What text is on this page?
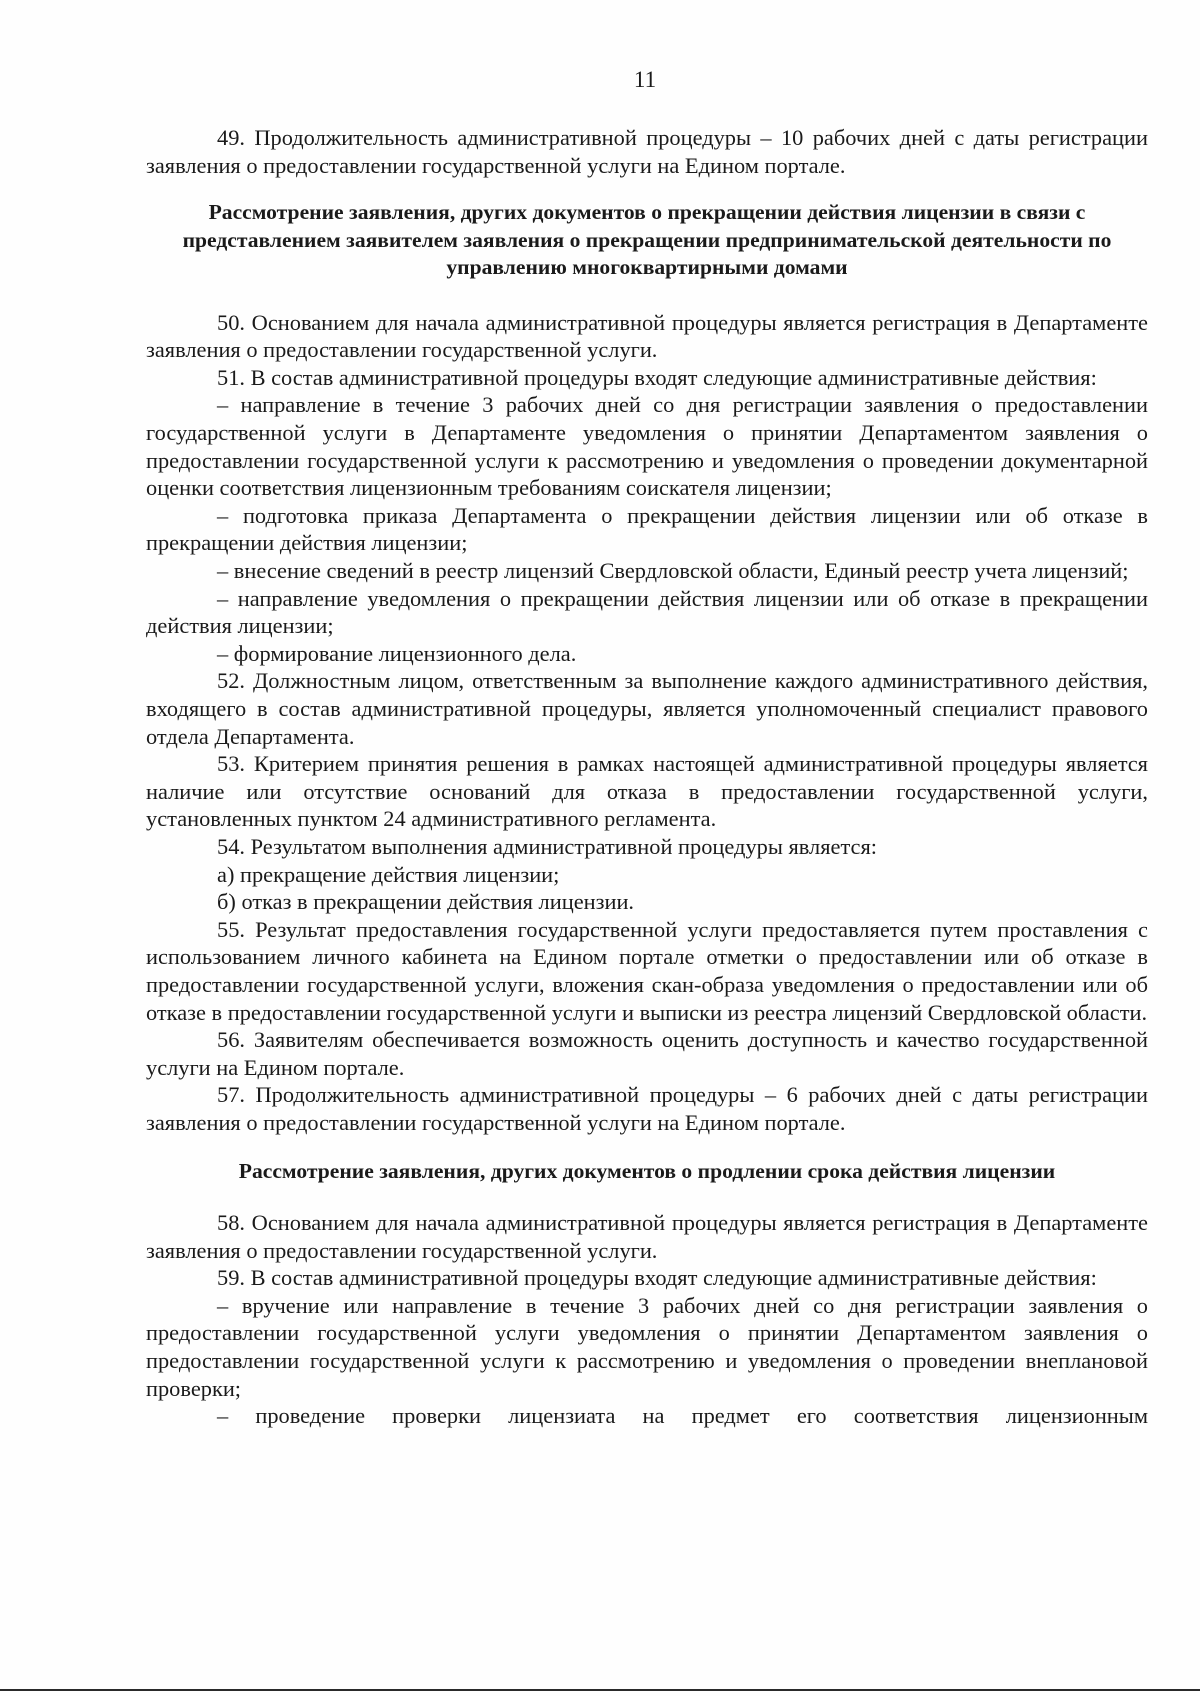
11

49. Продолжительность административной процедуры – 10 рабочих дней с даты регистрации заявления о предоставлении государственной услуги на Едином портале.

Рассмотрение заявления, других документов о прекращении действия лицензии в связи с представлением заявителем заявления о прекращении предпринимательской деятельности по управлению многоквартирными домами

50. Основанием для начала административной процедуры является регистрация в Департаменте заявления о предоставлении государственной услуги.

51. В состав административной процедуры входят следующие административные действия:

– направление в течение 3 рабочих дней со дня регистрации заявления о предоставлении государственной услуги в Департаменте уведомления о принятии Департаментом заявления о предоставлении государственной услуги к рассмотрению и уведомления о проведении документарной оценки соответствия лицензионным требованиям соискателя лицензии;

– подготовка приказа Департамента о прекращении действия лицензии или об отказе в прекращении действия лицензии;

– внесение сведений в реестр лицензий Свердловской области, Единый реестр учета лицензий;

– направление уведомления о прекращении действия лицензии или об отказе в прекращении действия лицензии;

– формирование лицензионного дела.

52. Должностным лицом, ответственным за выполнение каждого административного действия, входящего в состав административной процедуры, является уполномоченный специалист правового отдела Департамента.

53. Критерием принятия решения в рамках настоящей административной процедуры является наличие или отсутствие оснований для отказа в предоставлении государственной услуги, установленных пунктом 24 административного регламента.

54. Результатом выполнения административной процедуры является:

а) прекращение действия лицензии;

б) отказ в прекращении действия лицензии.

55. Результат предоставления государственной услуги предоставляется путем проставления с использованием личного кабинета на Едином портале отметки о предоставлении или об отказе в предоставлении государственной услуги, вложения скан-образа уведомления о предоставлении или об отказе в предоставлении государственной услуги и выписки из реестра лицензий Свердловской области.

56. Заявителям обеспечивается возможность оценить доступность и качество государственной услуги на Едином портале.

57. Продолжительность административной процедуры – 6 рабочих дней с даты регистрации заявления о предоставлении государственной услуги на Едином портале.

Рассмотрение заявления, других документов о продлении срока действия лицензии

58. Основанием для начала административной процедуры является регистрация в Департаменте заявления о предоставлении государственной услуги.

59. В состав административной процедуры входят следующие административные действия:

– вручение или направление в течение 3 рабочих дней со дня регистрации заявления о предоставлении государственной услуги уведомления о принятии Департаментом заявления о предоставлении государственной услуги к рассмотрению и уведомления о проведении внеплановой проверки;

– проведение проверки лицензиата на предмет его соответствия лицензионным
